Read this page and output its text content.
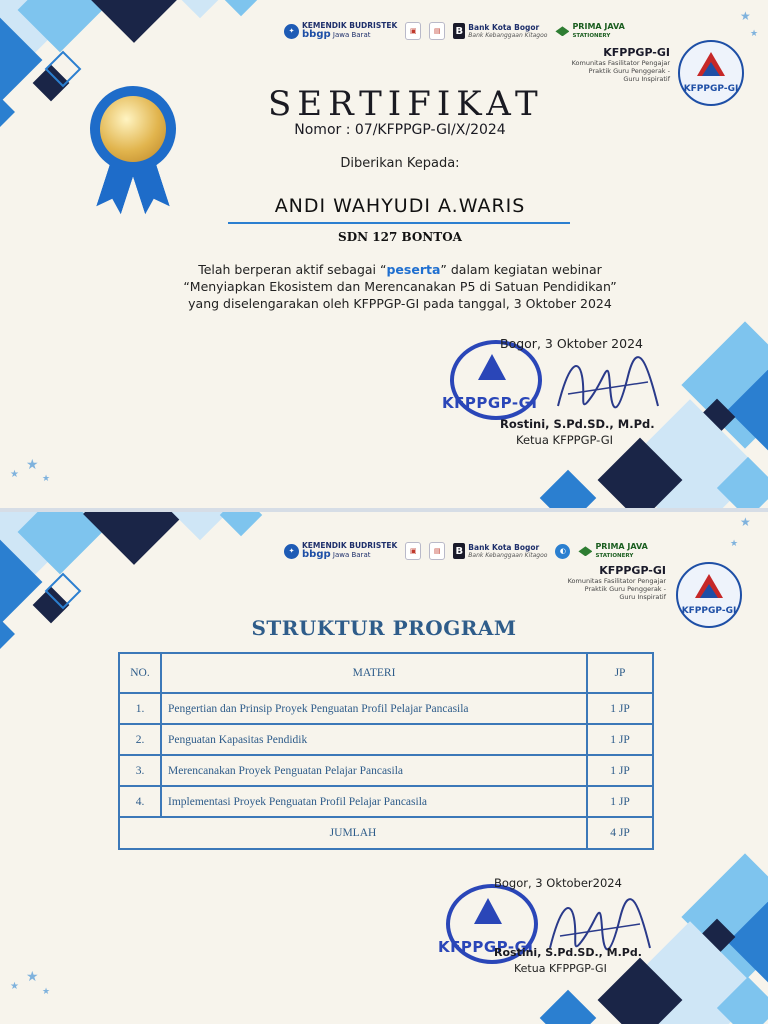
★
★	★
★
★
✦
KEMENDIK BUDRISTEK
bbgp Jawa Barat	▣	▤	B Bank Kota Bogor
Bank Kebanggaan Kitagoo
PRIMA JAVA
STATIONERY
KFPPGP-GI
Komunitas Fasilitator Pengajar
Praktik Guru Penggerak -
Guru Inspiratif
KFPPGP-GI
SERTIFIKAT
Nomor : 07/KFPPGP-GI/X/2024
Diberikan Kepada:
ANDI WAHYUDI A.WARIS
SDN 127 BONTOA
Telah berperan aktif sebagai “peserta” dalam kegiatan webinar
“Menyiapkan Ekosistem dan Merencanakan P5 di Satuan Pendidikan”
yang diselengarakan oleh KFPPGP-GI pada tanggal, 3 Oktober 2024
KFPPGP-GI
Bogor, 3 Oktober 2024
Rostini, S.Pd.SD., M.Pd.
Ketua KFPPGP-GI
★
★	★
★
★
✦
KEMENDIK BUDRISTEK
bbgp Jawa Barat	▣	▤	B Bank Kota Bogor
Bank Kebanggaan Kitagoo	◐
PRIMA JAVA
STATIONERY
KFPPGP-GI
Komunitas Fasilitator Pengajar
Praktik Guru Penggerak -
Guru Inspiratif
KFPPGP-GI
STRUKTUR PROGRAM
NO.	MATERI	JP
1.	Pengertian dan Prinsip Proyek Penguatan Profil Pelajar Pancasila	1 JP
2.	Penguatan Kapasitas Pendidik	1 JP
3.	Merencanakan Proyek Penguatan Pelajar Pancasila	1 JP
4.	Implementasi Proyek Penguatan Profil Pelajar Pancasila	1 JP
JUMLAH		4 JP
KFPPGP-GI
Bogor, 3 Oktober2024
Rostini, S.Pd.SD., M.Pd.
Ketua KFPPGP-GI
